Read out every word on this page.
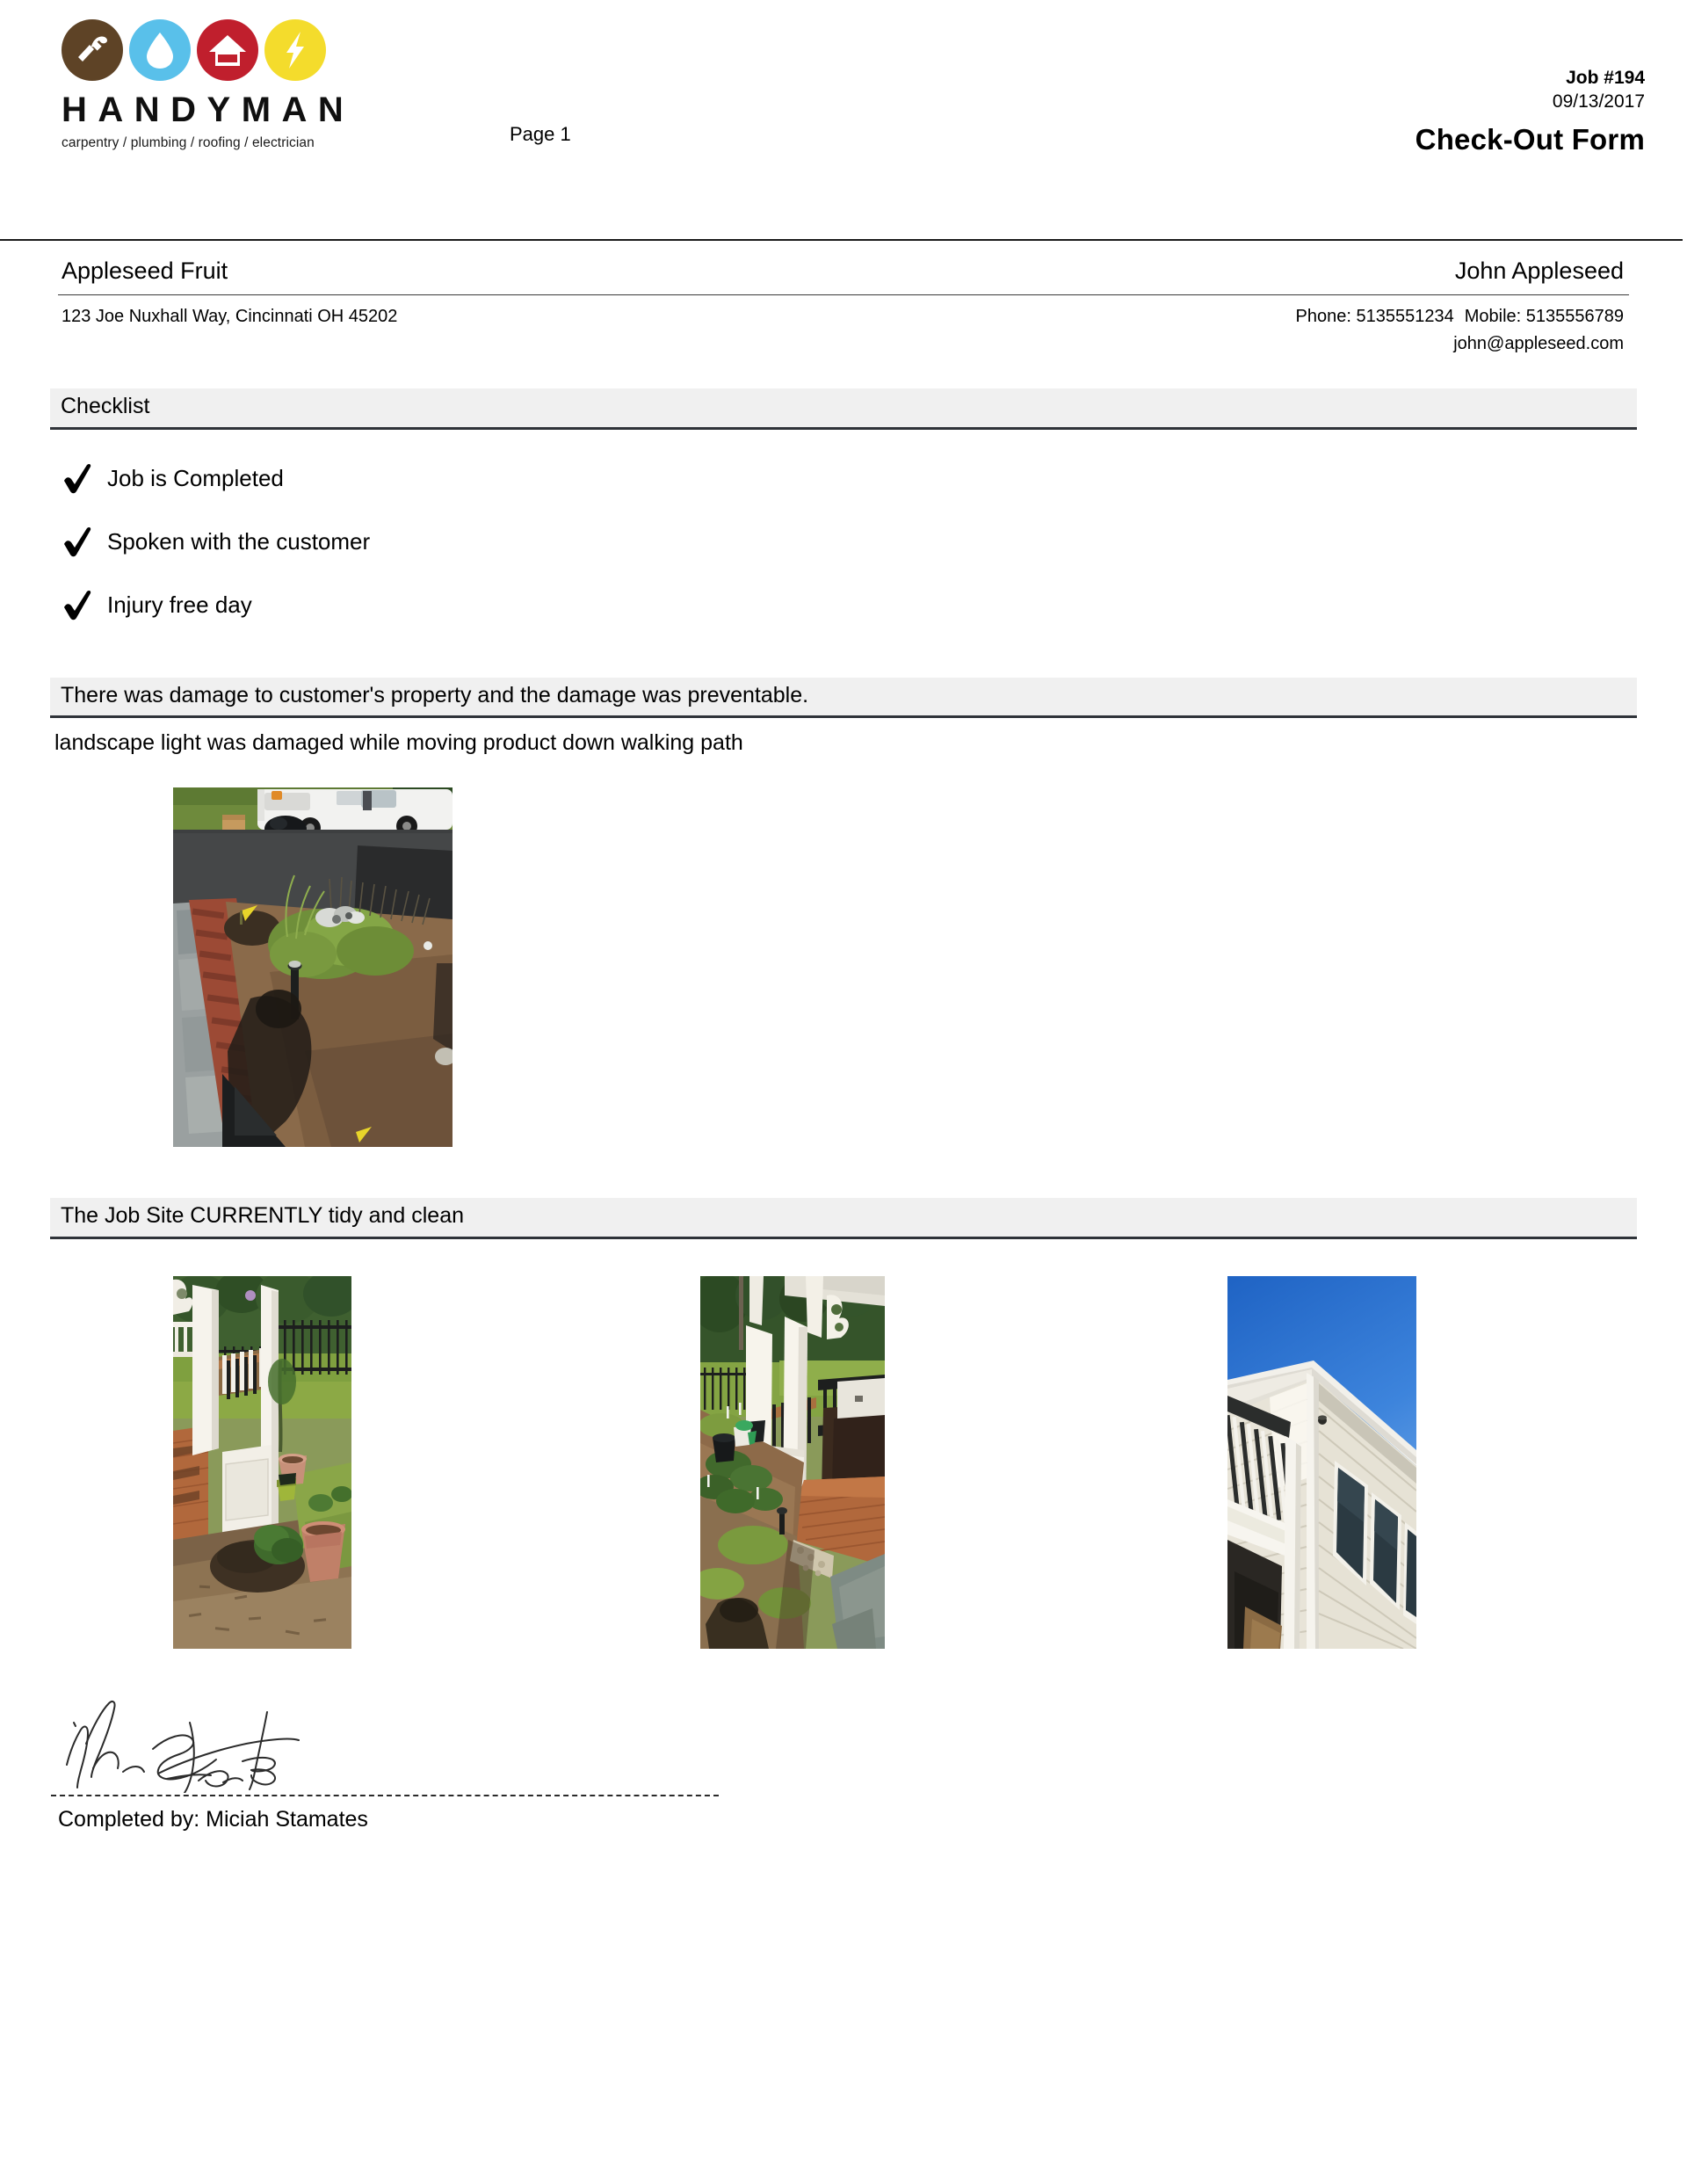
HANDYMAN
carpentry / plumbing / roofing / electrician	Page 1
Job #194
09/13/2017
Check-Out Form
Appleseed Fruit	John Appleseed
123 Joe Nuxhall Way, Cincinnati OH 45202	Phone: 5135551234 Mobile: 5135556789
john@appleseed.com
Checklist
Job is Completed
Spoken with the customer
Injury free day
There was damage to customer's property and the damage was preventable.
landscape light was damaged while moving product down walking path
The Job Site CURRENTLY tidy and clean
Completed by: Miciah Stamates
